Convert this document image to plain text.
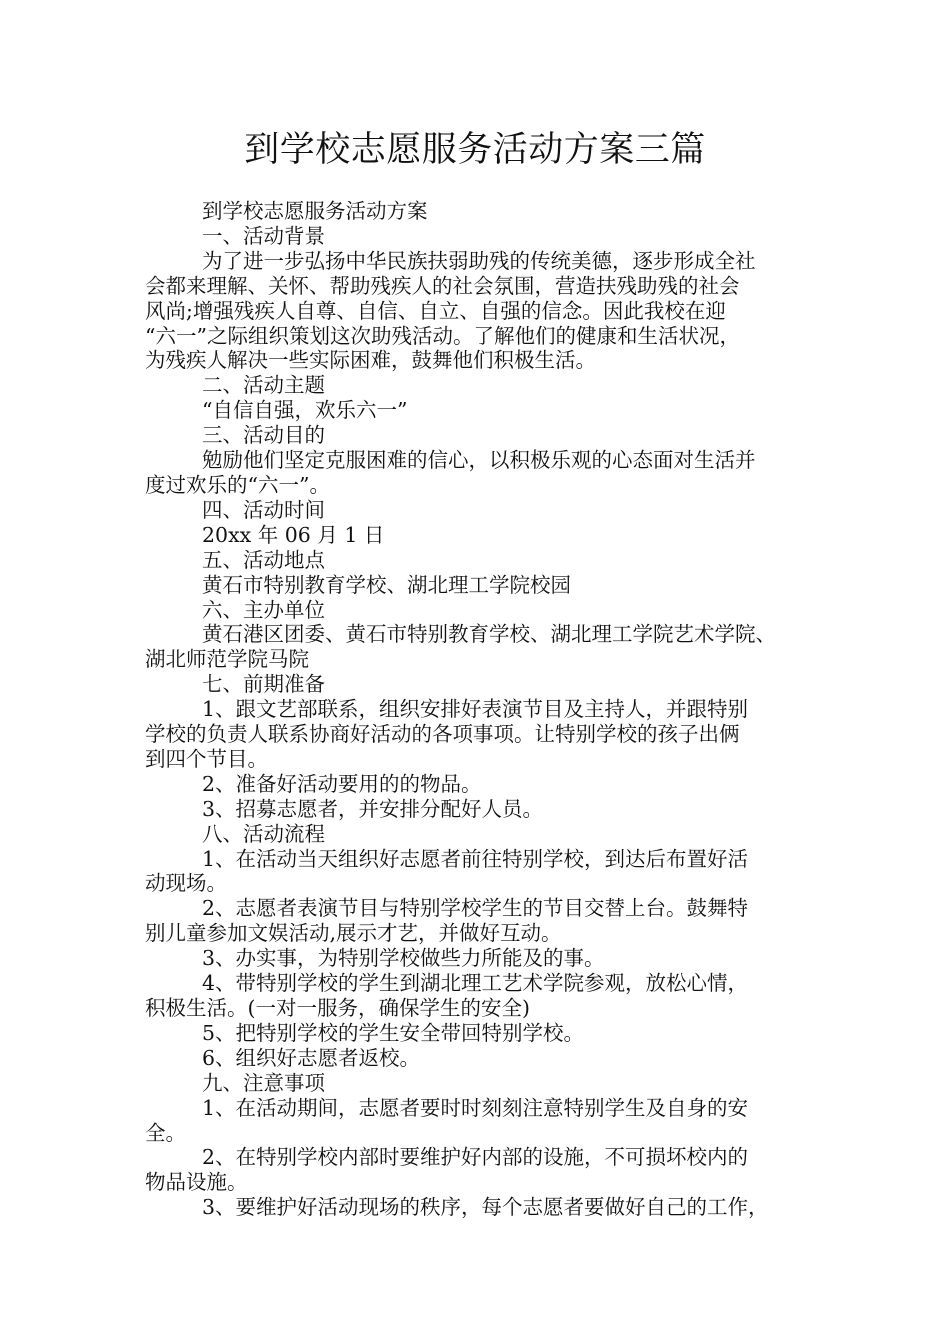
到学校志愿服务活动方案三篇

到学校志愿服务活动方案

一、活动背景

为了进一步弘扬中华民族扶弱助残的传统美德，逐步形成全社

会都来理解、关怀、帮助残疾人的社会氛围，营造扶残助残的社会

风尚;增强残疾人自尊、自信、自立、自强的信念。因此我校在迎

“六一”之际组织策划这次助残活动。了解他们的健康和生活状况，

为残疾人解决一些实际困难，鼓舞他们积极生活。

二、活动主题

“自信自强，欢乐六一”

三、活动目的

勉励他们坚定克服困难的信心，以积极乐观的心态面对生活并

度过欢乐的“六一”。

四、活动时间

20xx 年 06 月 1 日

五、活动地点

黄石市特别教育学校、湖北理工学院校园

六、主办单位

黄石港区团委、黄石市特别教育学校、湖北理工学院艺术学院、

湖北师范学院马院

七、前期准备

1、跟文艺部联系，组织安排好表演节目及主持人，并跟特别

学校的负责人联系协商好活动的各项事项。让特别学校的孩子出俩

到四个节目。

2、准备好活动要用的的物品。

3、招募志愿者，并安排分配好人员。

八、活动流程

1、在活动当天组织好志愿者前往特别学校，到达后布置好活

动现场。

2、志愿者表演节目与特别学校学生的节目交替上台。鼓舞特

别儿童参加文娱活动,展示才艺，并做好互动。

3、办实事，为特别学校做些力所能及的事。

4、带特别学校的学生到湖北理工艺术学院参观，放松心情，

积极生活。(一对一服务，确保学生的安全)

5、把特别学校的学生安全带回特别学校。

6、组织好志愿者返校。

九、注意事项

1、在活动期间，志愿者要时时刻刻注意特别学生及自身的安

全。

2、在特别学校内部时要维护好内部的设施，不可损坏校内的

物品设施。

3、要维护好活动现场的秩序，每个志愿者要做好自己的工作，
